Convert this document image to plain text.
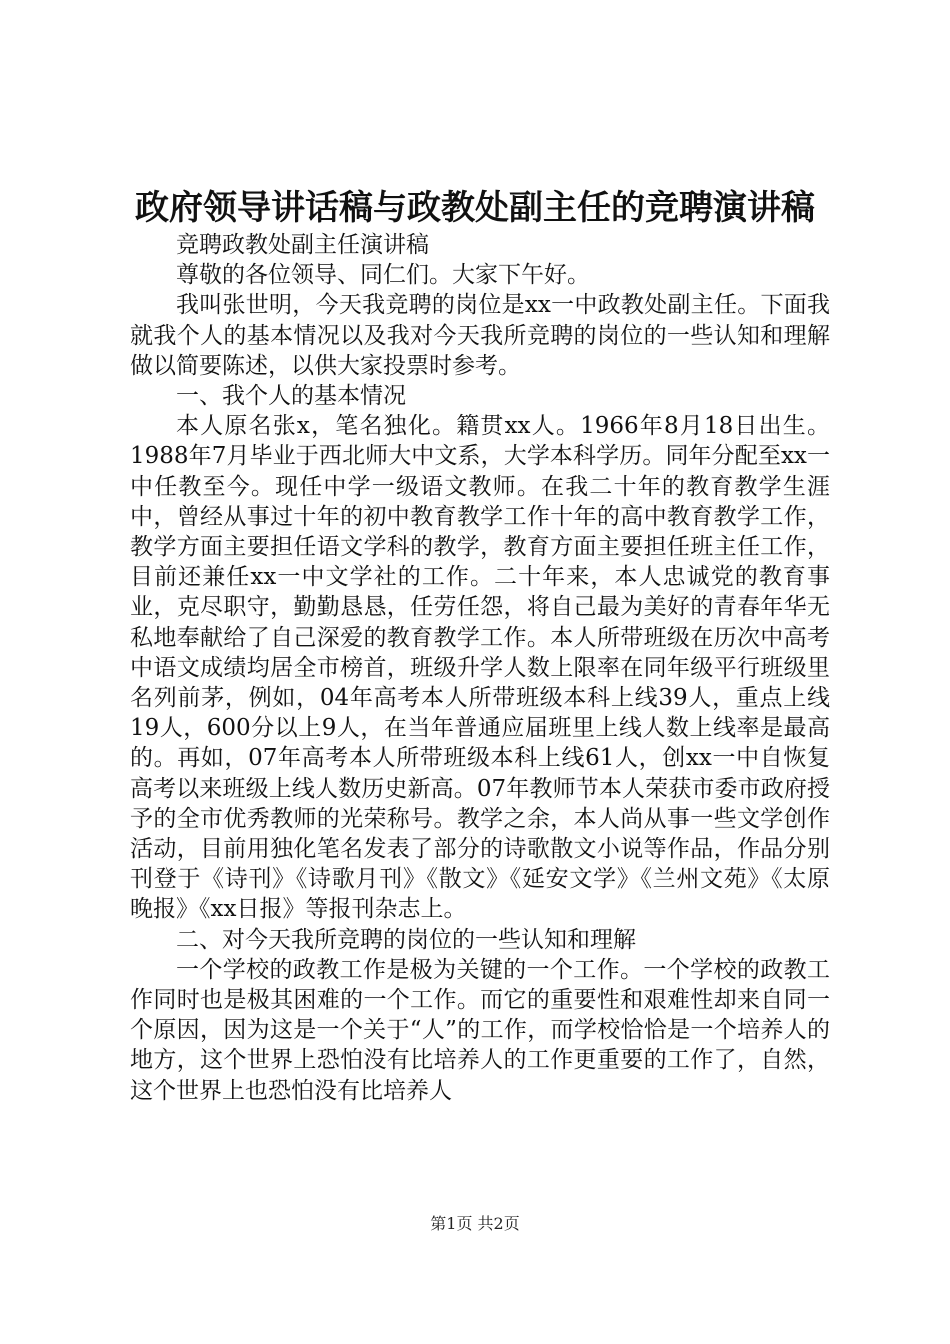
政府领导讲话稿与政教处副主任的竞聘演讲稿

竞聘政教处副主任演讲稿

尊敬的各位领导、同仁们。大家下午好。

我叫张世明，今天我竞聘的岗位是xx一中政教处副主任。下面我就我个人的基本情况以及我对今天我所竞聘的岗位的一些认知和理解做以简要陈述，以供大家投票时参考。

一、我个人的基本情况

本人原名张x，笔名独化。籍贯xx人。1966年8月18日出生。1988年7月毕业于西北师大中文系，大学本科学历。同年分配至xx一中任教至今。现任中学一级语文教师。在我二十年的教育教学生涯中，曾经从事过十年的初中教育教学工作十年的高中教育教学工作，教学方面主要担任语文学科的教学，教育方面主要担任班主任工作，目前还兼任xx一中文学社的工作。二十年来，本人忠诚党的教育事业，克尽职守，勤勤恳恳，任劳任怨，将自己最为美好的青春年华无私地奉献给了自己深爱的教育教学工作。本人所带班级在历次中高考中语文成绩均居全市榜首，班级升学人数上限率在同年级平行班级里名列前茅，例如，04年高考本人所带班级本科上线39人，重点上线19人，600分以上9人，在当年普通应届班里上线人数上线率是最高的。再如，07年高考本人所带班级本科上线61人，创xx一中自恢复高考以来班级上线人数历史新高。07年教师节本人荣获市委市政府授予的全市优秀教师的光荣称号。教学之余，本人尚从事一些文学创作活动，目前用独化笔名发表了部分的诗歌散文小说等作品，作品分别刊登于《诗刊》《诗歌月刊》《散文》《延安文学》《兰州文苑》《太原晚报》《xx日报》等报刊杂志上。

二、对今天我所竞聘的岗位的一些认知和理解

一个学校的政教工作是极为关键的一个工作。一个学校的政教工作同时也是极其困难的一个工作。而它的重要性和艰难性却来自同一个原因，因为这是一个关于“人”的工作，而学校恰恰是一个培养人的地方，这个世界上恐怕没有比培养人的工作更重要的工作了，自然，这个世界上也恐怕没有比培养人

第1页 共2页
